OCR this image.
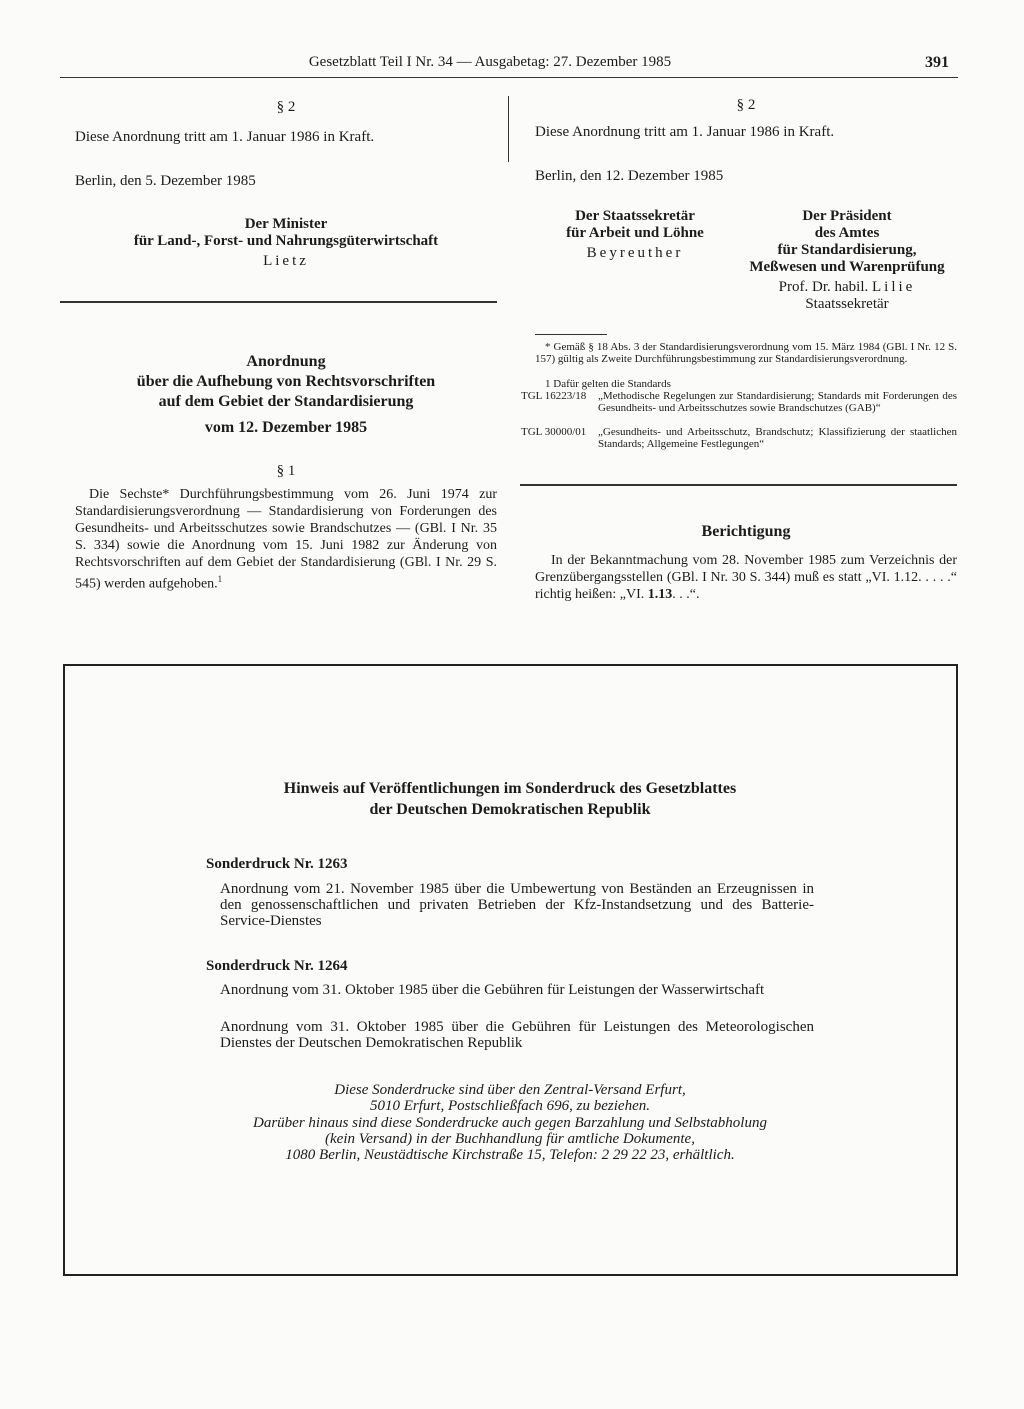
Gesetzblatt Teil I Nr. 34 — Ausgabetag: 27. Dezember 1985	391
§ 2
Diese Anordnung tritt am 1. Januar 1986 in Kraft.
Berlin, den 5. Dezember 1985
Der Minister
für Land-, Forst- und Nahrungsgüterwirtschaft
Lietz
Anordnung
über die Aufhebung von Rechtsvorschriften
auf dem Gebiet der Standardisierung
vom 12. Dezember 1985
§ 1
Die Sechste* Durchführungsbestimmung vom 26. Juni 1974 zur Standardisierungsverordnung — Standardisierung von Forderungen des Gesundheits- und Arbeitsschutzes sowie Brandschutzes — (GBl. I Nr. 35 S. 334) sowie die Anordnung vom 15. Juni 1982 zur Änderung von Rechtsvorschriften auf dem Gebiet der Standardisierung (GBl. I Nr. 29 S. 545) werden aufgehoben.$^1$
§ 2
Diese Anordnung tritt am 1. Januar 1986 in Kraft.
Berlin, den 12. Dezember 1985
Der Staatssekretär
für Arbeit und Löhne
Beyreuther
Der Präsident
des Amtes
für Standardisierung,
Meßwesen und Warenprüfung
Prof. Dr. habil. Lilie
Staatssekretär
* Gemäß § 18 Abs. 3 der Standardisierungsverordnung vom 15. März 1984 (GBl. I Nr. 12 S. 157) gültig als Zweite Durchführungsbestimmung zur Standardisierungsverordnung.
1 Dafür gelten die Standards
TGL 16223/18	„Methodische Regelungen zur Standardisierung; Standards mit Forderungen des Gesundheits- und Arbeitsschutzes sowie Brandschutzes (GAB)“
TGL 30000/01	„Gesundheits- und Arbeitsschutz, Brandschutz; Klassifizierung der staatlichen Standards; Allgemeine Festlegungen“
Berichtigung
In der Bekanntmachung vom 28. November 1985 zum Verzeichnis der Grenzübergangsstellen (GBl. I Nr. 30 S. 344) muß es statt „VI. 1.12. . . . .“ richtig heißen: „VI. 1.13. . .“.
Hinweis auf Veröffentlichungen im Sonderdruck des Gesetzblattes
der Deutschen Demokratischen Republik
Sonderdruck Nr. 1263
Anordnung vom 21. November 1985 über die Umbewertung von Beständen an Erzeugnissen in den genossenschaftlichen und privaten Betrieben der Kfz-Instandsetzung und des Batterie-Service-Dienstes
Sonderdruck Nr. 1264
Anordnung vom 31. Oktober 1985 über die Gebühren für Leistungen der Wasserwirtschaft
Anordnung vom 31. Oktober 1985 über die Gebühren für Leistungen des Meteorologischen Dienstes der Deutschen Demokratischen Republik
Diese Sonderdrucke sind über den Zentral-Versand Erfurt,
5010 Erfurt, Postschließfach 696, zu beziehen.
Darüber hinaus sind diese Sonderdrucke auch gegen Barzahlung und Selbstabholung
(kein Versand) in der Buchhandlung für amtliche Dokumente,
1080 Berlin, Neustädtische Kirchstraße 15, Telefon: 2 29 22 23, erhältlich.
